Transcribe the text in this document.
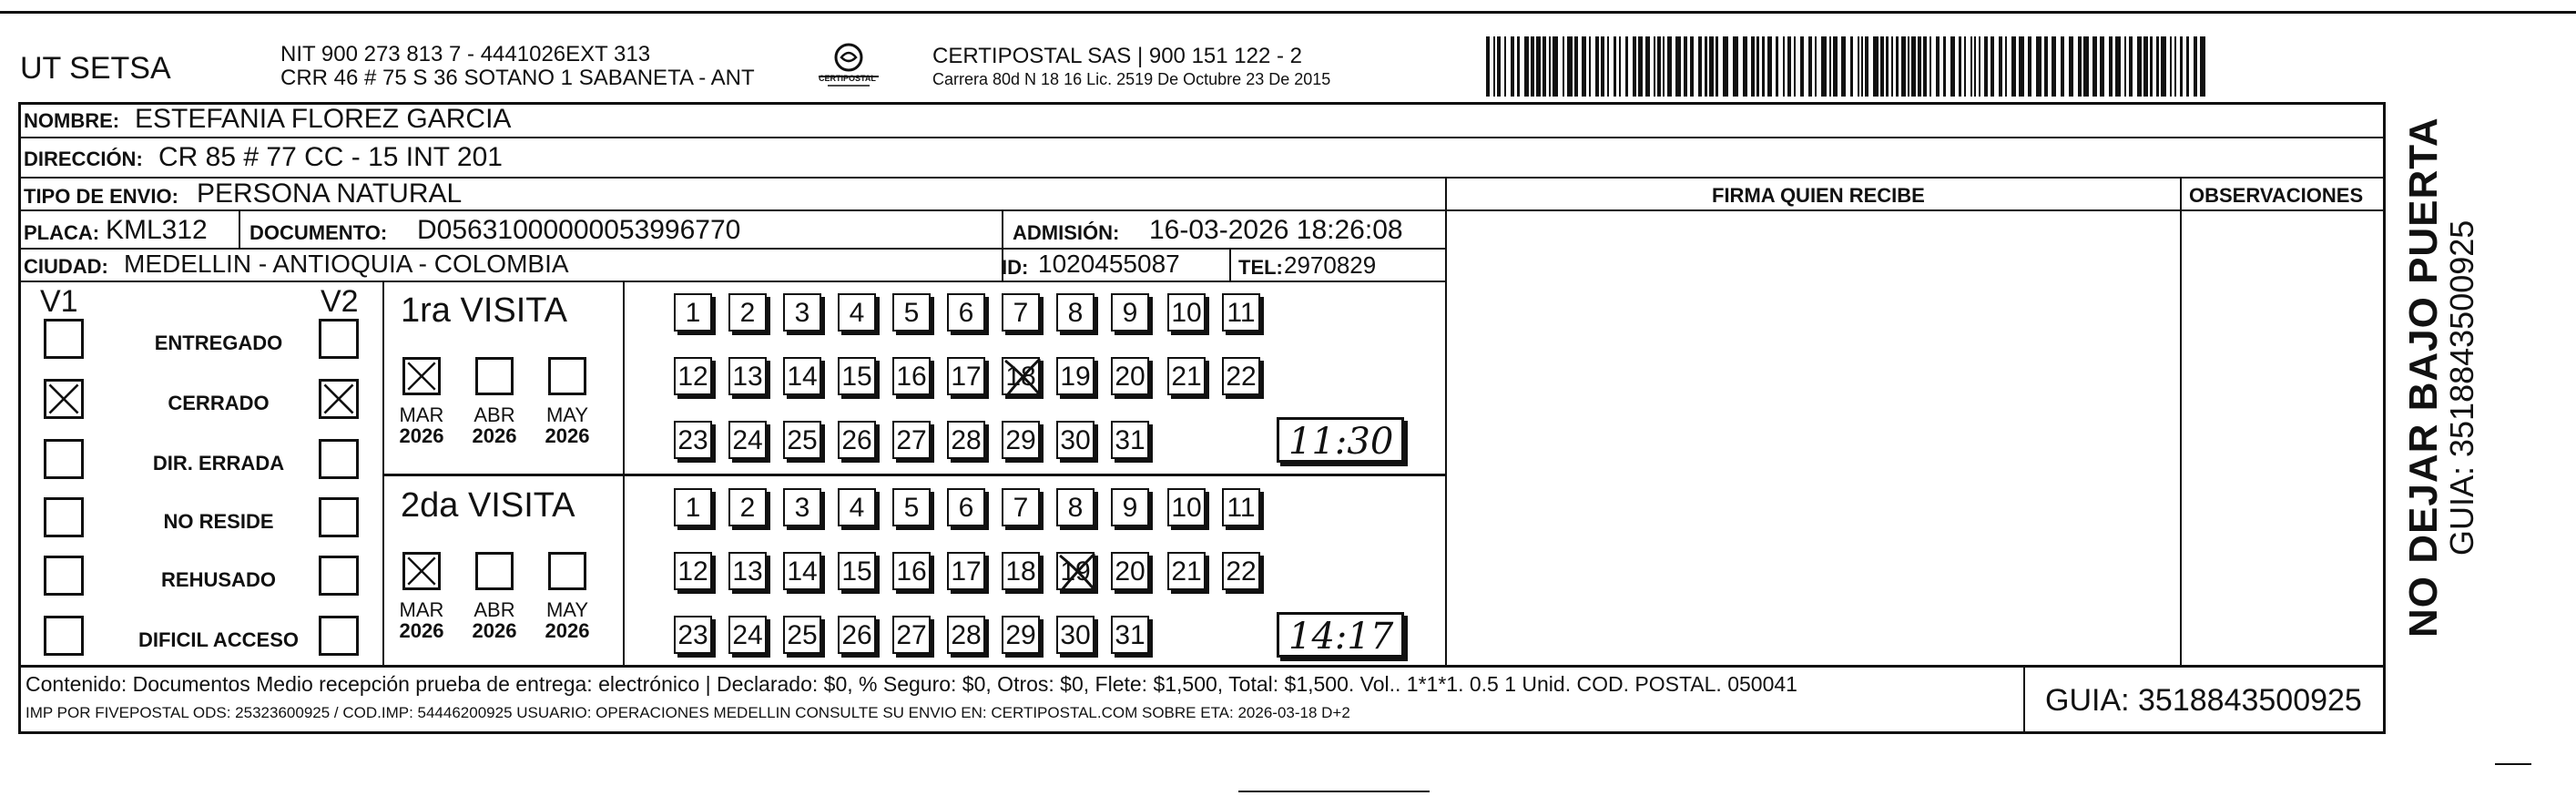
UT SETSA	NIT 900 273 813 7 - 4441026EXT 313
CRR 46 # 75 S 36 SOTANO 1 SABANETA - ANT	CERTIPOSTAL
CERTIPOSTAL SAS | 900 151 122 - 2
Carrera 80d N 18 16 Lic. 2519 De Octubre 23 De 2015
NOMBRE: ESTEFANIA FLOREZ GARCIA
DIRECCIÓN: CR 85 # 77 CC - 15 INT 201
TIPO DE ENVIO: PERSONA NATURAL
PLACA: KML312 DOCUMENTO: D05631000000053996770	ADMISIÓN: 16-03-2026 18:26:08
CIUDAD: MEDELLIN - ANTIOQUIA - COLOMBIA	ID: 1020455087	TEL: 2970829
FIRMA QUIEN RECIBE	OBSERVACIONES
V1	V2
ENTREGADO
CERRADO
DIR. ERRADA
NO RESIDE
REHUSADO
DIFICIL ACCESO
1ra VISITA
MAR
2026
ABR
2026
MAY
2026
1	2	3	4	5	6	7	8	9	10 11
12 13 14 15 16 17 18 19 20 21 22
23 24 25 26 27 28 29 30 31	11:30
2da VISITA
MAR
2026
ABR
2026
MAY
2026
1	2	3	4	5	6	7	8	9	10 11
12 13 14 15 16 17 18 19 20 21 22
23 24 25 26 27 28 29 30 31	14:17
Contenido: Documentos Medio recepción prueba de entrega: electrónico | Declarado: $0, % Seguro: $0, Otros: $0, Flete: $1,500, Total: $1,500. Vol.. 1*1*1. 0.5 1 Unid. COD. POSTAL. 050041
IMP POR FIVEPOSTAL ODS: 25323600925 / COD.IMP: 54446200925 USUARIO: OPERACIONES MEDELLIN CONSULTE SU ENVIO EN: CERTIPOSTAL.COM SOBRE ETA: 2026-03-18 D+2	GUIA: 3518843500925
NO DEJAR BAJO PUERTA
GUIA: 3518843500925
